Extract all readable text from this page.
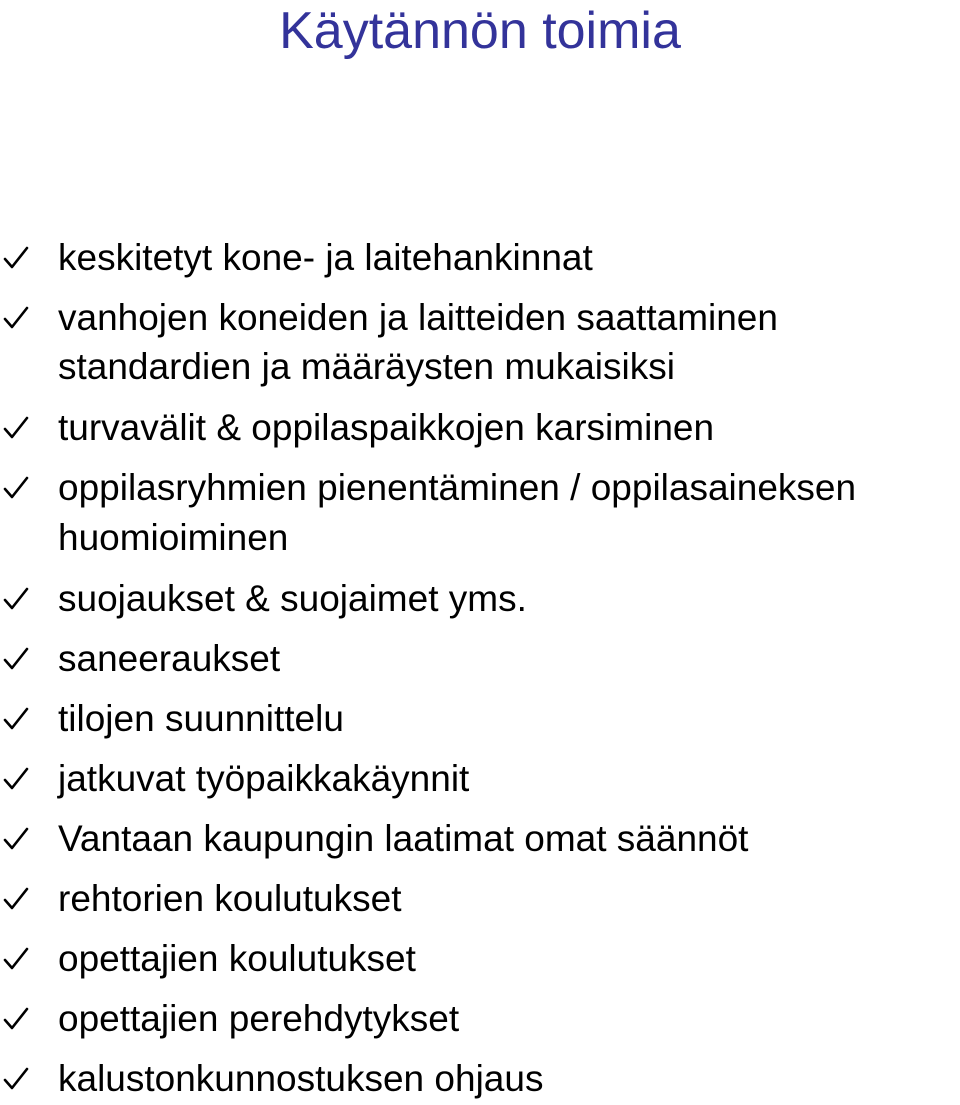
Käytännön toimia
keskitetyt kone- ja laitehankinnat
vanhojen koneiden ja laitteiden saattaminen
standardien ja määräysten mukaisiksi
turvavälit & oppilaspaikkojen karsiminen
oppilasryhmien pienentäminen / oppilasaineksen
huomioiminen
suojaukset & suojaimet yms.
saneeraukset
tilojen suunnittelu
jatkuvat työpaikkakäynnit
Vantaan kaupungin laatimat omat säännöt
rehtorien koulutukset
opettajien koulutukset
opettajien perehdytykset
kalustonkunnostuksen ohjaus
